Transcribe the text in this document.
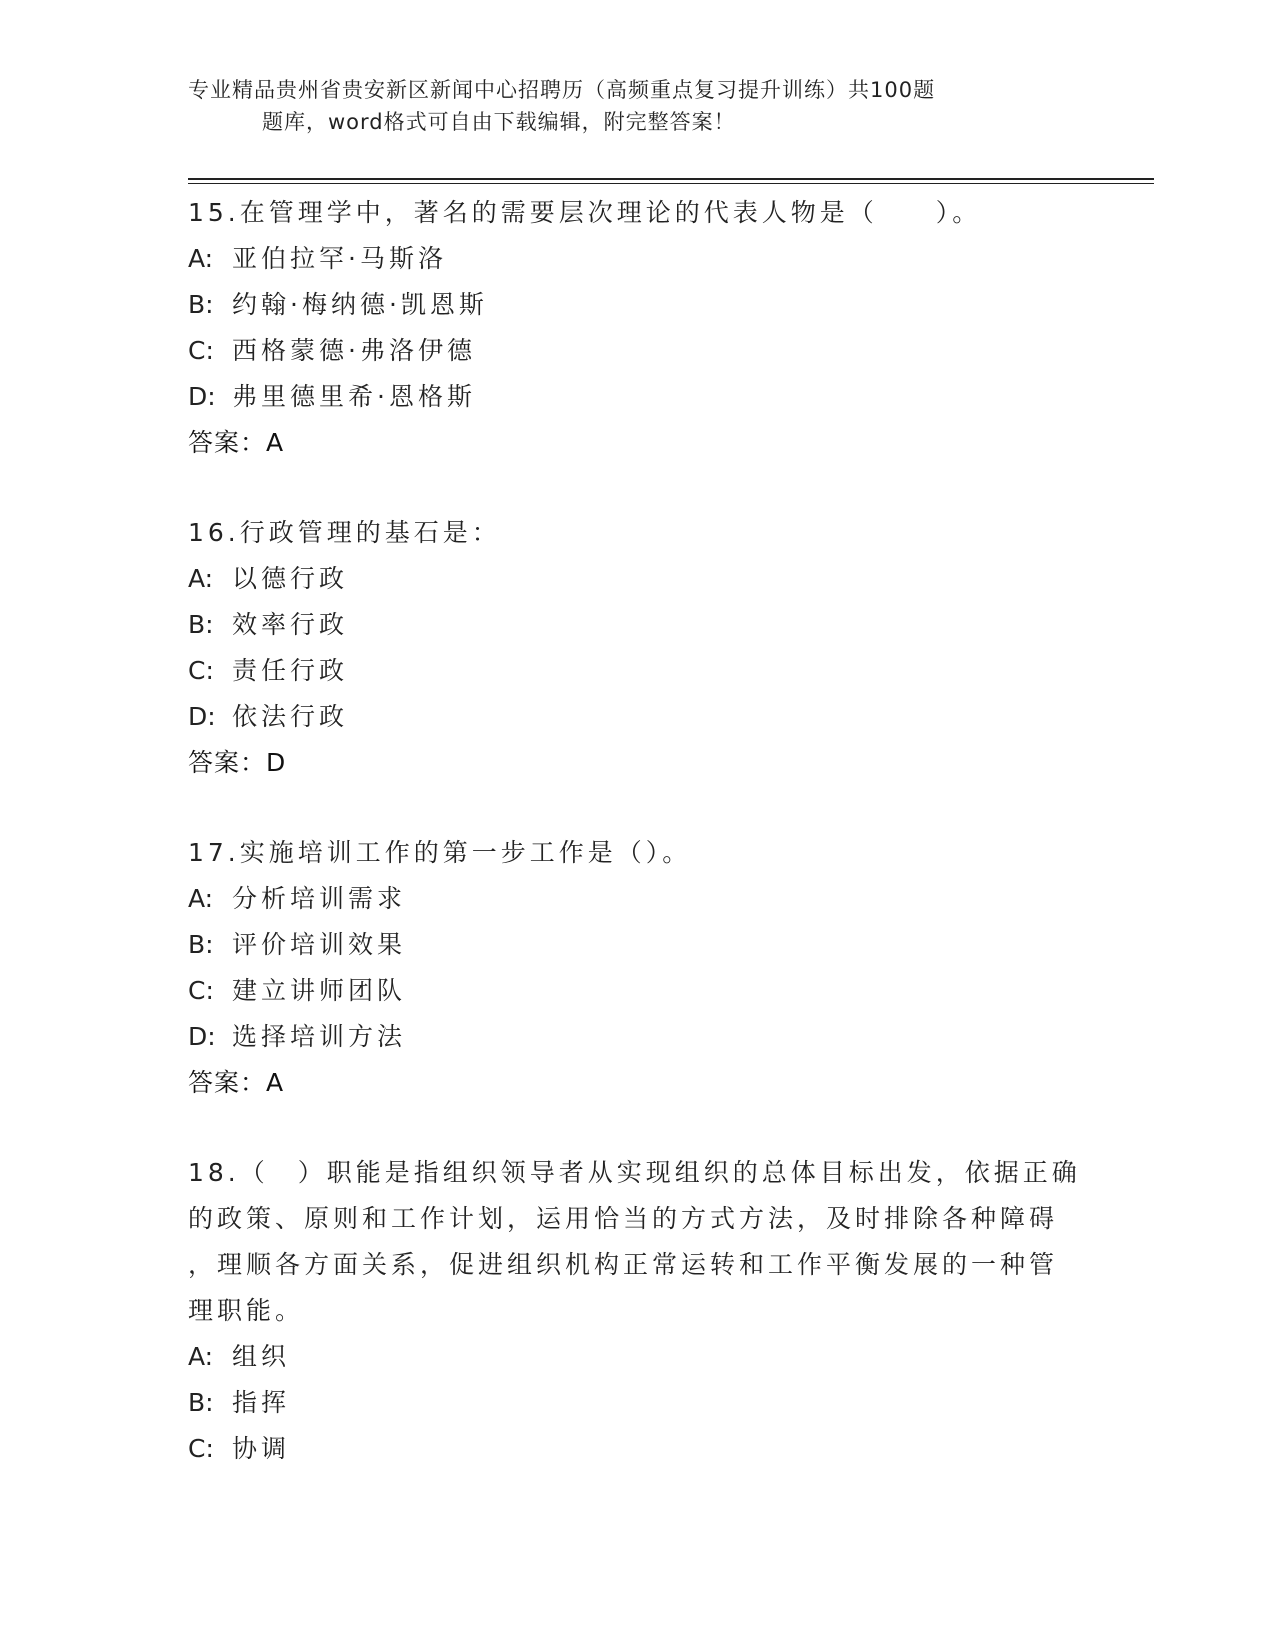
专业精品贵州省贵安新区新闻中心招聘历（高频重点复习提升训练）共100题
题库，word格式可自由下载编辑，附完整答案！
15.在管理学中，著名的需要层次理论的代表人物是（　　）。
A: 亚伯拉罕·马斯洛
B: 约翰·梅纳德·凯恩斯
C: 西格蒙德·弗洛伊德
D: 弗里德里希·恩格斯
答案：A
16.行政管理的基石是：
A: 以德行政
B: 效率行政
C: 责任行政
D: 依法行政
答案：D
17.实施培训工作的第一步工作是（）。
A: 分析培训需求
B: 评价培训效果
C: 建立讲师团队
D: 选择培训方法
答案：A
18.（　）职能是指组织领导者从实现组织的总体目标出发，依据正确
的政策、原则和工作计划，运用恰当的方式方法，及时排除各种障碍
，理顺各方面关系，促进组织机构正常运转和工作平衡发展的一种管
理职能。
A: 组织
B: 指挥
C: 协调
